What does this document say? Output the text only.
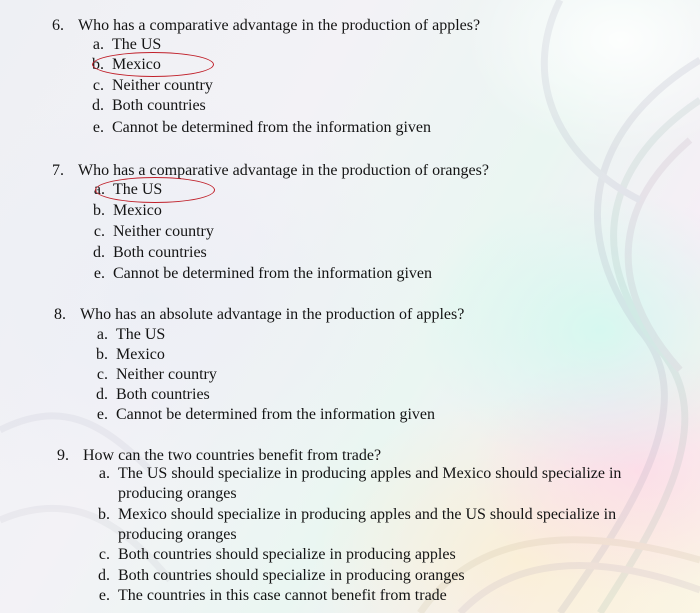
6. Who has a comparative advantage in the production of apples?
a. The US
b. Mexico
c. Neither country
d. Both countries
e. Cannot be determined from the information given
7. Who has a comparative advantage in the production of oranges?
a. The US
b. Mexico
c. Neither country
d. Both countries
e. Cannot be determined from the information given
8. Who has an absolute advantage in the production of apples?
a. The US
b. Mexico
c. Neither country
d. Both countries
e. Cannot be determined from the information given
9. How can the two countries benefit from trade?
a. The US should specialize in producing apples and Mexico should specialize in producing oranges
b. Mexico should specialize in producing apples and the US should specialize in producing oranges
c. Both countries should specialize in producing apples
d. Both countries should specialize in producing oranges
e. The countries in this case cannot benefit from trade
